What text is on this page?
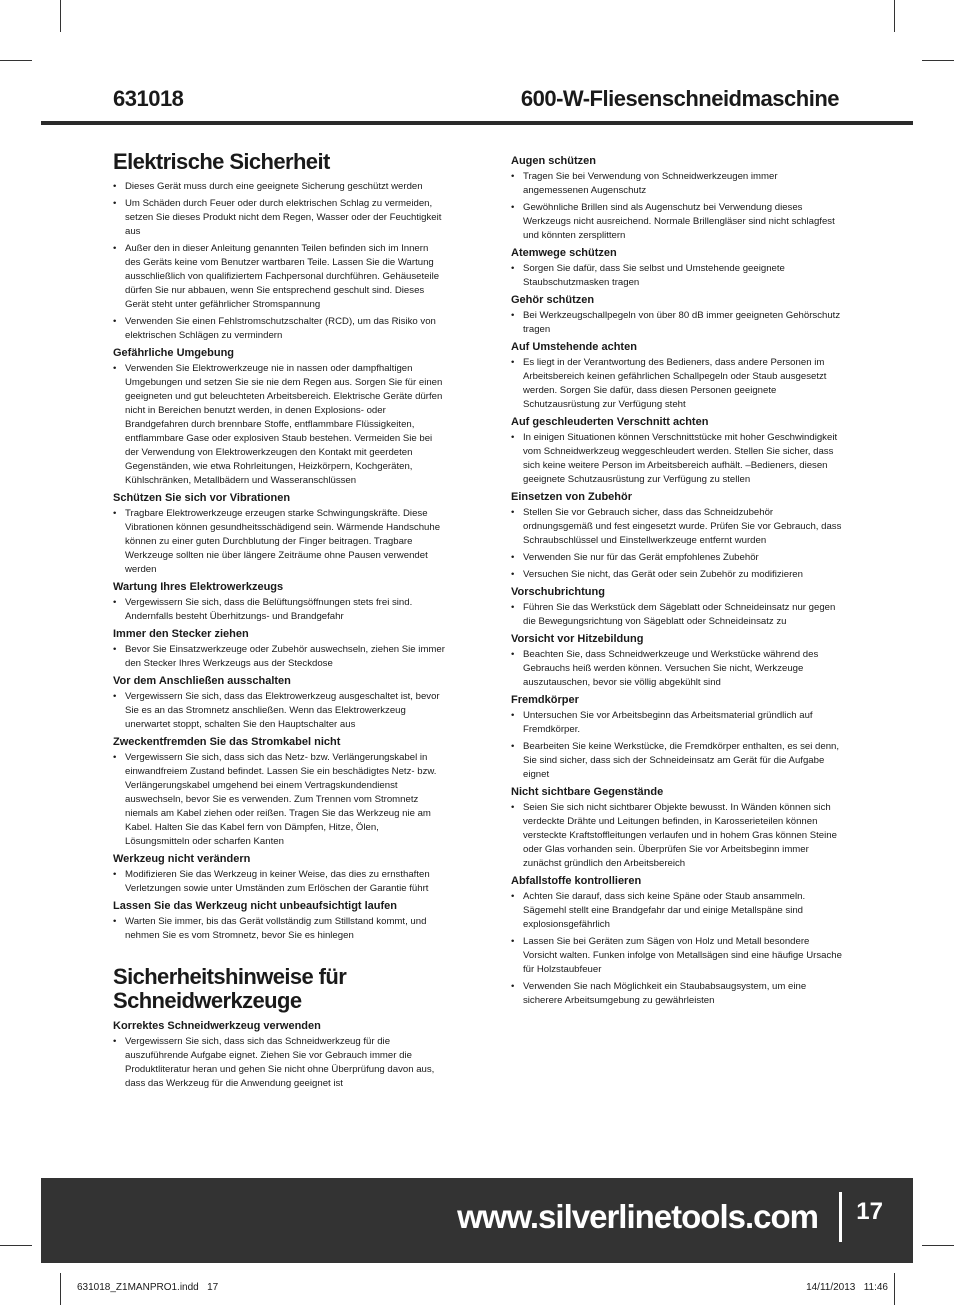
631018	600-W-Fliesenschneidmaschine
Elektrische Sicherheit
• Dieses Gerät muss durch eine geeignete Sicherung geschützt werden
• Um Schäden durch Feuer oder durch elektrischen Schlag zu vermeiden, setzen Sie dieses Produkt nicht dem Regen, Wasser oder der Feuchtigkeit aus
• Außer den in dieser Anleitung genannten Teilen befinden sich im Innern des Geräts keine vom Benutzer wartbaren Teile. Lassen Sie die Wartung ausschließlich von qualifiziertem Fachpersonal durchführen. Gehäuseteile dürfen Sie nur abbauen, wenn Sie entsprechend geschult sind. Dieses Gerät steht unter gefährlicher Stromspannung
• Verwenden Sie einen Fehlstromschutzschalter (RCD), um das Risiko von elektrischen Schlägen zu vermindern
Gefährliche Umgebung
• Verwenden Sie Elektrowerkzeuge nie in nassen oder dampfhaltigen Umgebungen und setzen Sie sie nie dem Regen aus. Sorgen Sie für einen geeigneten und gut beleuchteten Arbeitsbereich. Elektrische Geräte dürfen nicht in Bereichen benutzt werden, in denen Explosions- oder Brandgefahren durch brennbare Stoffe, entflammbare Flüssigkeiten, entflammbare Gase oder explosiven Staub bestehen. Vermeiden Sie bei der Verwendung von Elektrowerkzeugen den Kontakt mit geerdeten Gegenständen, wie etwa Rohrleitungen, Heizkörpern, Kochgeräten, Kühlschränken, Metallbädern und Wasseranschlüssen
Schützen Sie sich vor Vibrationen
• Tragbare Elektrowerkzeuge erzeugen starke Schwingungskräfte. Diese Vibrationen können gesundheitsschädigend sein. Wärmende Handschuhe können zu einer guten Durchblutung der Finger beitragen. Tragbare Werkzeuge sollten nie über längere Zeiträume ohne Pausen verwendet werden
Wartung Ihres Elektrowerkzeugs
• Vergewissern Sie sich, dass die Belüftungsöffnungen stets frei sind. Andernfalls besteht Überhitzungs- und Brandgefahr
Immer den Stecker ziehen
• Bevor Sie Einsatzwerkzeuge oder Zubehör auswechseln, ziehen Sie immer den Stecker Ihres Werkzeugs aus der Steckdose
Vor dem Anschließen ausschalten
• Vergewissern Sie sich, dass das Elektrowerkzeug ausgeschaltet ist, bevor Sie es an das Stromnetz anschließen. Wenn das Elektrowerkzeug unerwartet stoppt, schalten Sie den Hauptschalter aus
Zweckentfremden Sie das Stromkabel nicht
• Vergewissern Sie sich, dass sich das Netz- bzw. Verlängerungskabel in einwandfreiem Zustand befindet. Lassen Sie ein beschädigtes Netz- bzw. Verlängerungskabel umgehend bei einem Vertragskundendienst auswechseln, bevor Sie es verwenden. Zum Trennen vom Stromnetz niemals am Kabel ziehen oder reißen. Tragen Sie das Werkzeug nie am Kabel. Halten Sie das Kabel fern von Dämpfen, Hitze, Ölen, Lösungsmitteln oder scharfen Kanten
Werkzeug nicht verändern
• Modifizieren Sie das Werkzeug in keiner Weise, das dies zu ernsthaften Verletzungen sowie unter Umständen zum Erlöschen der Garantie führt
Lassen Sie das Werkzeug nicht unbeaufsichtigt laufen
• Warten Sie immer, bis das Gerät vollständig zum Stillstand kommt, und nehmen Sie es vom Stromnetz, bevor Sie es hinlegen
Sicherheitshinweise für Schneidwerkzeuge
Korrektes Schneidwerkzeug verwenden
• Vergewissern Sie sich, dass sich das Schneidwerkzeug für die auszuführende Aufgabe eignet. Ziehen Sie vor Gebrauch immer die Produktliteratur heran und gehen Sie nicht ohne Überprüfung davon aus, dass das Werkzeug für die Anwendung geeignet ist
Augen schützen
• Tragen Sie bei Verwendung von Schneidwerkzeugen immer angemessenen Augenschutz
• Gewöhnliche Brillen sind als Augenschutz bei Verwendung dieses Werkzeugs nicht ausreichend. Normale Brillengläser sind nicht schlagfest und könnten zersplittern
Atemwege schützen
• Sorgen Sie dafür, dass Sie selbst und Umstehende geeignete Staubschutzmasken tragen
Gehör schützen
• Bei Werkzeugschallpegeln von über 80 dB immer geeigneten Gehörschutz tragen
Auf Umstehende achten
• Es liegt in der Verantwortung des Bedieners, dass andere Personen im Arbeitsbereich keinen gefährlichen Schallpegeln oder Staub ausgesetzt werden. Sorgen Sie dafür, dass diesen Personen geeignete Schutzausrüstung zur Verfügung steht
Auf geschleuderten Verschnitt achten
• In einigen Situationen können Verschnittstücke mit hoher Geschwindigkeit vom Schneidwerkzeug weggeschleudert werden. Stellen Sie sicher, dass sich keine weitere Person im Arbeitsbereich aufhält. –Bedieners, diesen geeignete Schutzausrüstung zur Verfügung zu stellen
Einsetzen von Zubehör
• Stellen Sie vor Gebrauch sicher, dass das Schneidzubehör ordnungsgemäß und fest eingesetzt wurde. Prüfen Sie vor Gebrauch, dass Schraubschlüssel und Einstellwerkzeuge entfernt wurden
• Verwenden Sie nur für das Gerät empfohlenes Zubehör
• Versuchen Sie nicht, das Gerät oder sein Zubehör zu modifizieren
Vorschubrichtung
• Führen Sie das Werkstück dem Sägeblatt oder Schneideinsatz nur gegen die Bewegungsrichtung von Sägeblatt oder Schneideinsatz zu
Vorsicht vor Hitzebildung
• Beachten Sie, dass Schneidwerkzeuge und Werkstücke während des Gebrauchs heiß werden können. Versuchen Sie nicht, Werkzeuge auszutauschen, bevor sie völlig abgekühlt sind
Fremdkörper
• Untersuchen Sie vor Arbeitsbeginn das Arbeitsmaterial gründlich auf Fremdkörper.
• Bearbeiten Sie keine Werkstücke, die Fremdkörper enthalten, es sei denn, Sie sind sicher, dass sich der Schneideinsatz am Gerät für die Aufgabe eignet
Nicht sichtbare Gegenstände
• Seien Sie sich nicht sichtbarer Objekte bewusst. In Wänden können sich verdeckte Drähte und Leitungen befinden, in Karosserieteilen können versteckte Kraftstoffleitungen verlaufen und in hohem Gras können Steine oder Glas vorhanden sein. Überprüfen Sie vor Arbeitsbeginn immer zunächst gründlich den Arbeitsbereich
Abfallstoffe kontrollieren
• Achten Sie darauf, dass sich keine Späne oder Staub ansammeln. Sägemehl stellt eine Brandgefahr dar und einige Metallspäne sind explosionsgefährlich
• Lassen Sie bei Geräten zum Sägen von Holz und Metall besondere Vorsicht walten. Funken infolge von Metallsägen sind eine häufige Ursache für Holzstaubfeuer
• Verwenden Sie nach Möglichkeit ein Staubabsaugsystem, um eine sicherere Arbeitsumgebung zu gewährleisten
www.silverlinetools.com 17
631018_Z1MANPRO1.indd   17	14/11/2013   11:46
